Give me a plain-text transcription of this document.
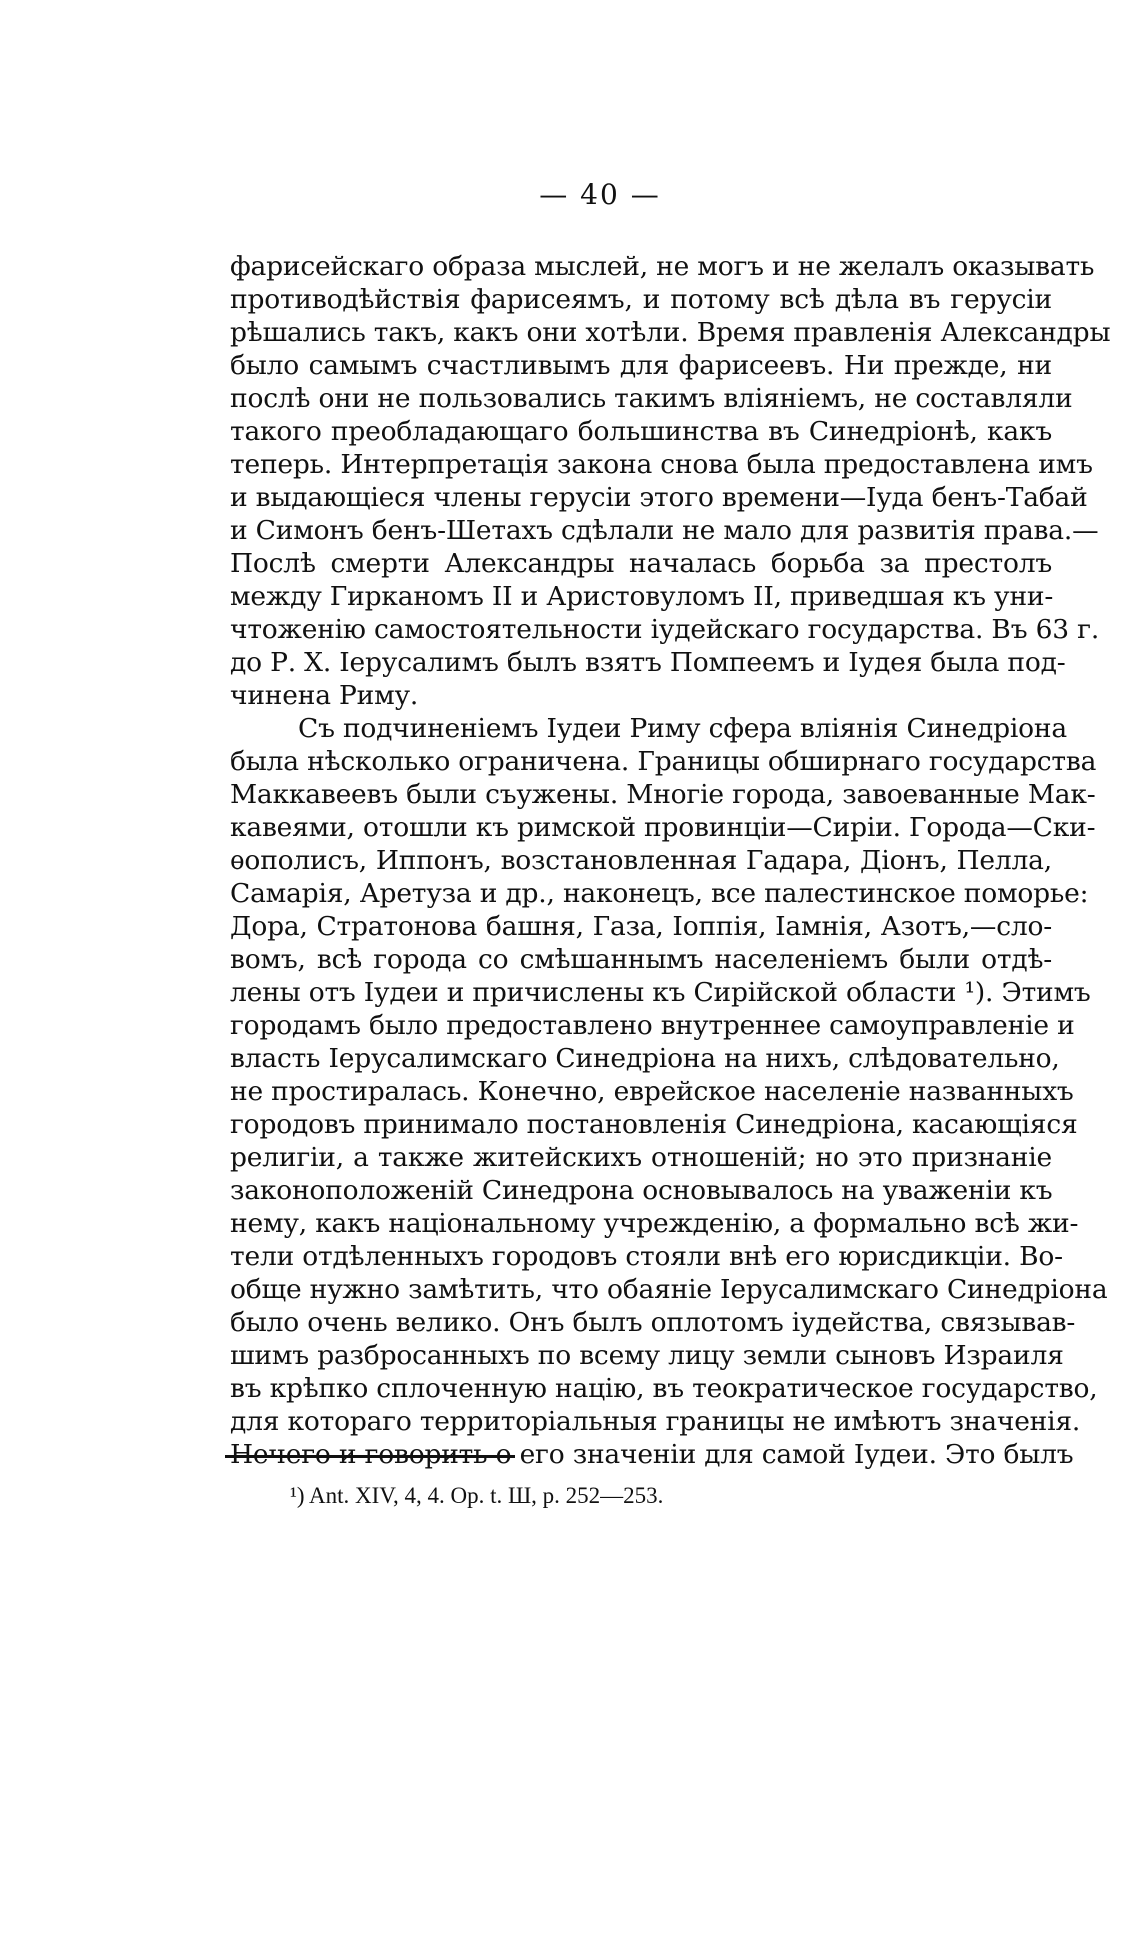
— 40 —
фарисейскаго образа мыслей, не могъ и не желалъ оказывать
противодѣйствія фарисеямъ, и потому всѣ дѣла въ герусіи
рѣшались такъ, какъ они хотѣли. Время правленія Александры
было самымъ счастливымъ для фарисеевъ. Ни прежде, ни
послѣ они не пользовались такимъ вліяніемъ, не составляли
такого преобладающаго большинства въ Синедріонѣ, какъ
теперь. Интерпретація закона снова была предоставлена имъ
и выдающіеся члены герусіи этого времени—Іуда бенъ-Табай
и Симонъ бенъ-Шетахъ сдѣлали не мало для развитія права.—
Послѣ смерти Александры началась борьба за престолъ
между Гирканомъ II и Аристовуломъ II, приведшая къ уни-
чтоженію самостоятельности іудейскаго государства. Въ 63 г.
до Р. Х. Іерусалимъ былъ взятъ Помпеемъ и Іудея была под-
чинена Риму.
Съ подчиненіемъ Іудеи Риму сфера вліянія Синедріона
была нѣсколько ограничена. Границы обширнаго государства
Маккавеевъ были съужены. Многіе города, завоеванные Мак-
кавеями, отошли къ римской провинціи—Сиріи. Города—Ски-
ѳополисъ, Иппонъ, возстановленная Гадара, Діонъ, Пелла,
Самарія, Аретуза и др., наконецъ, все палестинское поморье:
Дора, Стратонова башня, Газа, Іоппія, Іамнія, Азотъ,—сло-
вомъ, всѣ города со смѣшаннымъ населеніемъ были отдѣ-
лены отъ Іудеи и причислены къ Сирійской области ¹). Этимъ
городамъ было предоставлено внутреннее самоуправленіе и
власть Іерусалимскаго Синедріона на нихъ, слѣдовательно,
не простиралась. Конечно, еврейское населеніе названныхъ
городовъ принимало постановленія Синедріона, касающіяся
религіи, а также житейскихъ отношеній; но это признаніе
законоположеній Синедрона основывалось на уваженіи къ
нему, какъ національному учрежденію, а формально всѣ жи-
тели отдѣленныхъ городовъ стояли внѣ его юрисдикціи. Во-
обще нужно замѣтить, что обаяніе Іерусалимскаго Синедріона
было очень велико. Онъ былъ оплотомъ іудейства, связывав-
шимъ разбросанныхъ по всему лицу земли сыновъ Израиля
въ крѣпко сплоченную націю, въ теократическое государство,
для котораго территоріальныя границы не имѣютъ значенія.
Нечего и говорить о его значеніи для самой Іудеи. Это былъ
¹) Ant. XIV, 4, 4. Op. t. Ш, p. 252—253.
